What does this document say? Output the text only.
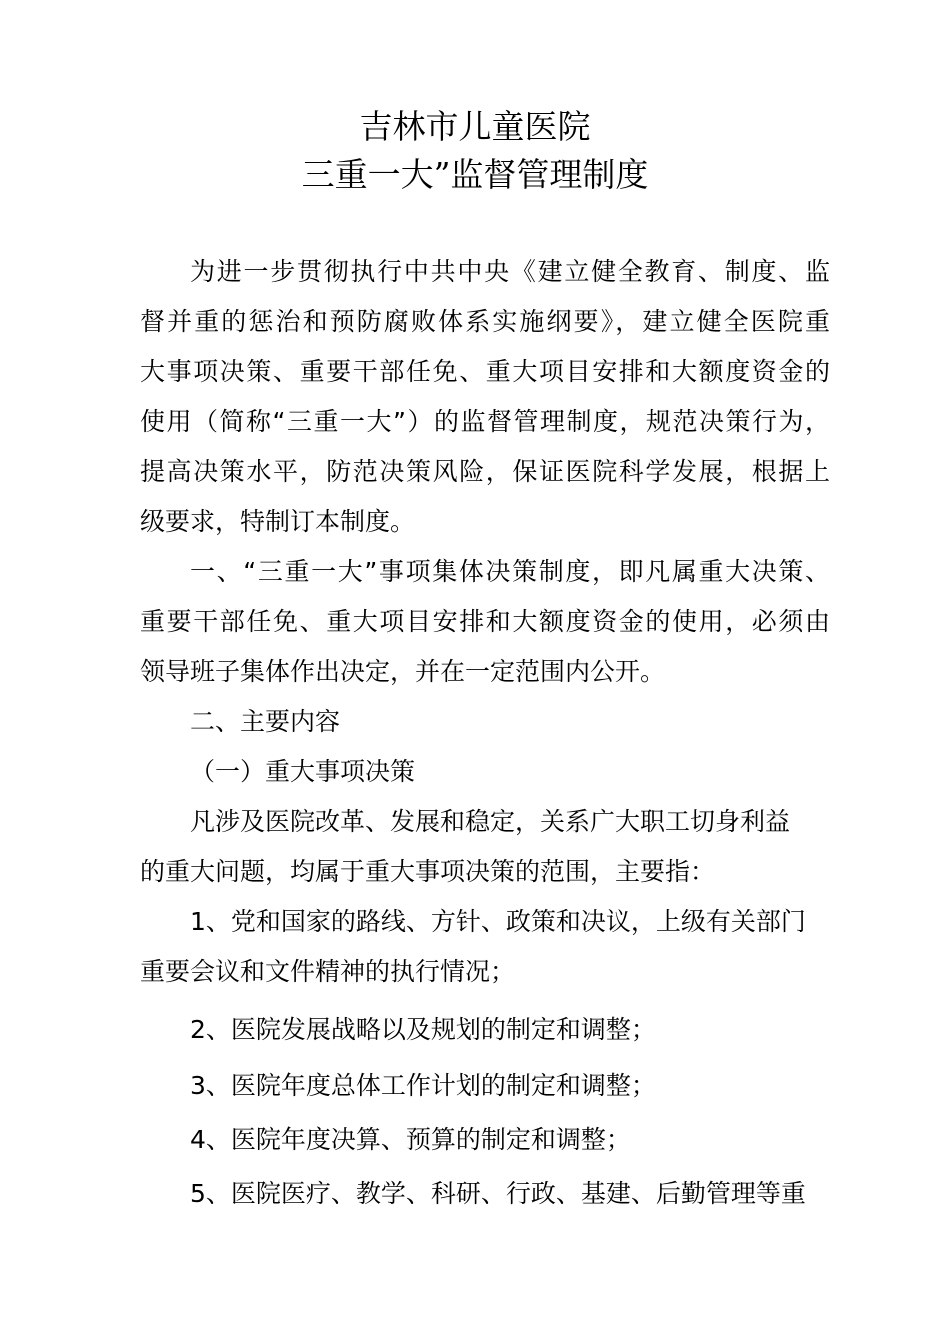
吉林市儿童医院
三重一大”监督管理制度
为进一步贯彻执行中共中央《建立健全教育、制度、监
督并重的惩治和预防腐败体系实施纲要》，建立健全医院重
大事项决策、重要干部任免、重大项目安排和大额度资金的
使用（简称“三重一大”）的监督管理制度，规范决策行为，
提高决策水平，防范决策风险，保证医院科学发展，根据上
级要求，特制订本制度。
一、“三重一大”事项集体决策制度，即凡属重大决策、
重要干部任免、重大项目安排和大额度资金的使用，必须由
领导班子集体作出决定，并在一定范围内公开。
二、主要内容
（一）重大事项决策
凡涉及医院改革、发展和稳定，关系广大职工切身利益
的重大问题，均属于重大事项决策的范围，主要指：
1、党和国家的路线、方针、政策和决议，上级有关部门
重要会议和文件精神的执行情况；
2、医院发展战略以及规划的制定和调整；
3、医院年度总体工作计划的制定和调整；
4、医院年度决算、预算的制定和调整；
5、医院医疗、教学、科研、行政、基建、后勤管理等重
